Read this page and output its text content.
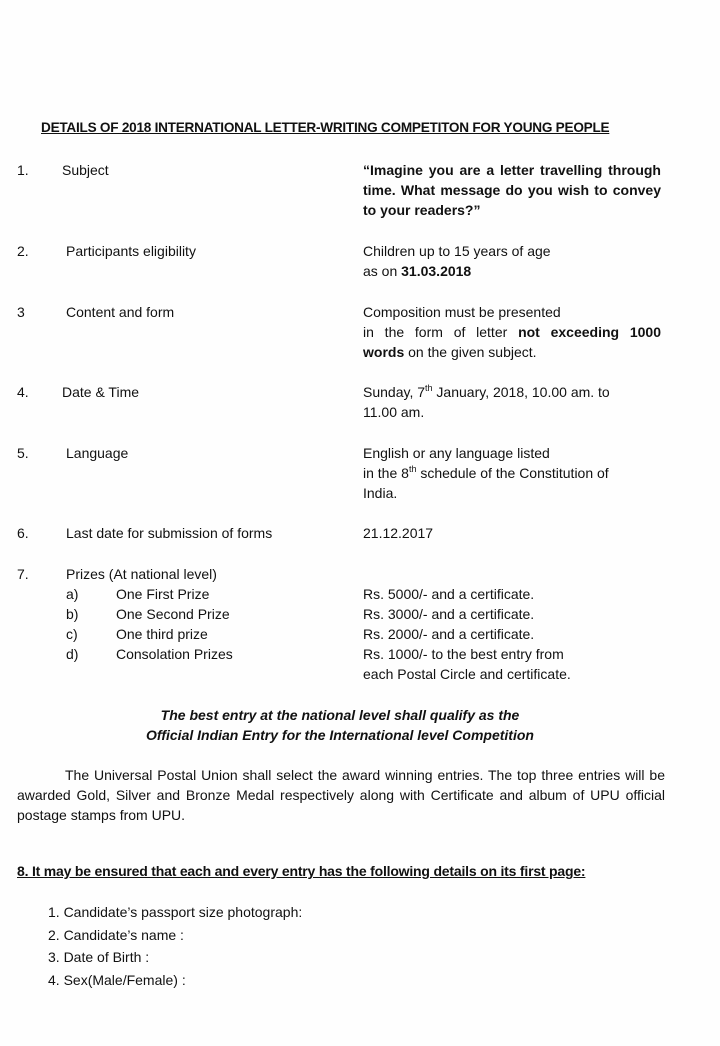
DETAILS OF 2018 INTERNATIONAL LETTER-WRITING COMPETITON FOR YOUNG PEOPLE
1. Subject	“Imagine you are a letter travelling through time. What message do you wish to convey to your readers?”
2.	Participants eligibility	Children up to 15 years of age
as on 31.03.2018
3	Content and form	Composition must be presented
in the form of letter not exceeding 1000
words on the given subject.
4. Date & Time	Sunday, 7th January, 2018, 10.00 am. to
11.00 am.
5.	Language	English or any language listed
in the 8th schedule of the Constitution of
India.
6.	Last date for submission of forms	21.12.2017
7.	Prizes (At national level)
a)	One First Prize	Rs. 5000/- and a certificate.
b)	One Second Prize	Rs. 3000/- and a certificate.
c)	One third prize	Rs. 2000/- and a certificate.
d)	Consolation Prizes	Rs. 1000/- to the best entry from
each Postal Circle and certificate.
The best entry at the national level shall qualify as the
Official Indian Entry for the International level Competition
The Universal Postal Union shall select the award winning entries. The top three entries will be awarded Gold, Silver and Bronze Medal respectively along with Certificate and album of UPU official postage stamps from UPU.
8. It may be ensured that each and every entry has the following details on its first page:
1. Candidate’s passport size photograph:
2. Candidate’s name :
3. Date of Birth :
4. Sex(Male/Female) :
